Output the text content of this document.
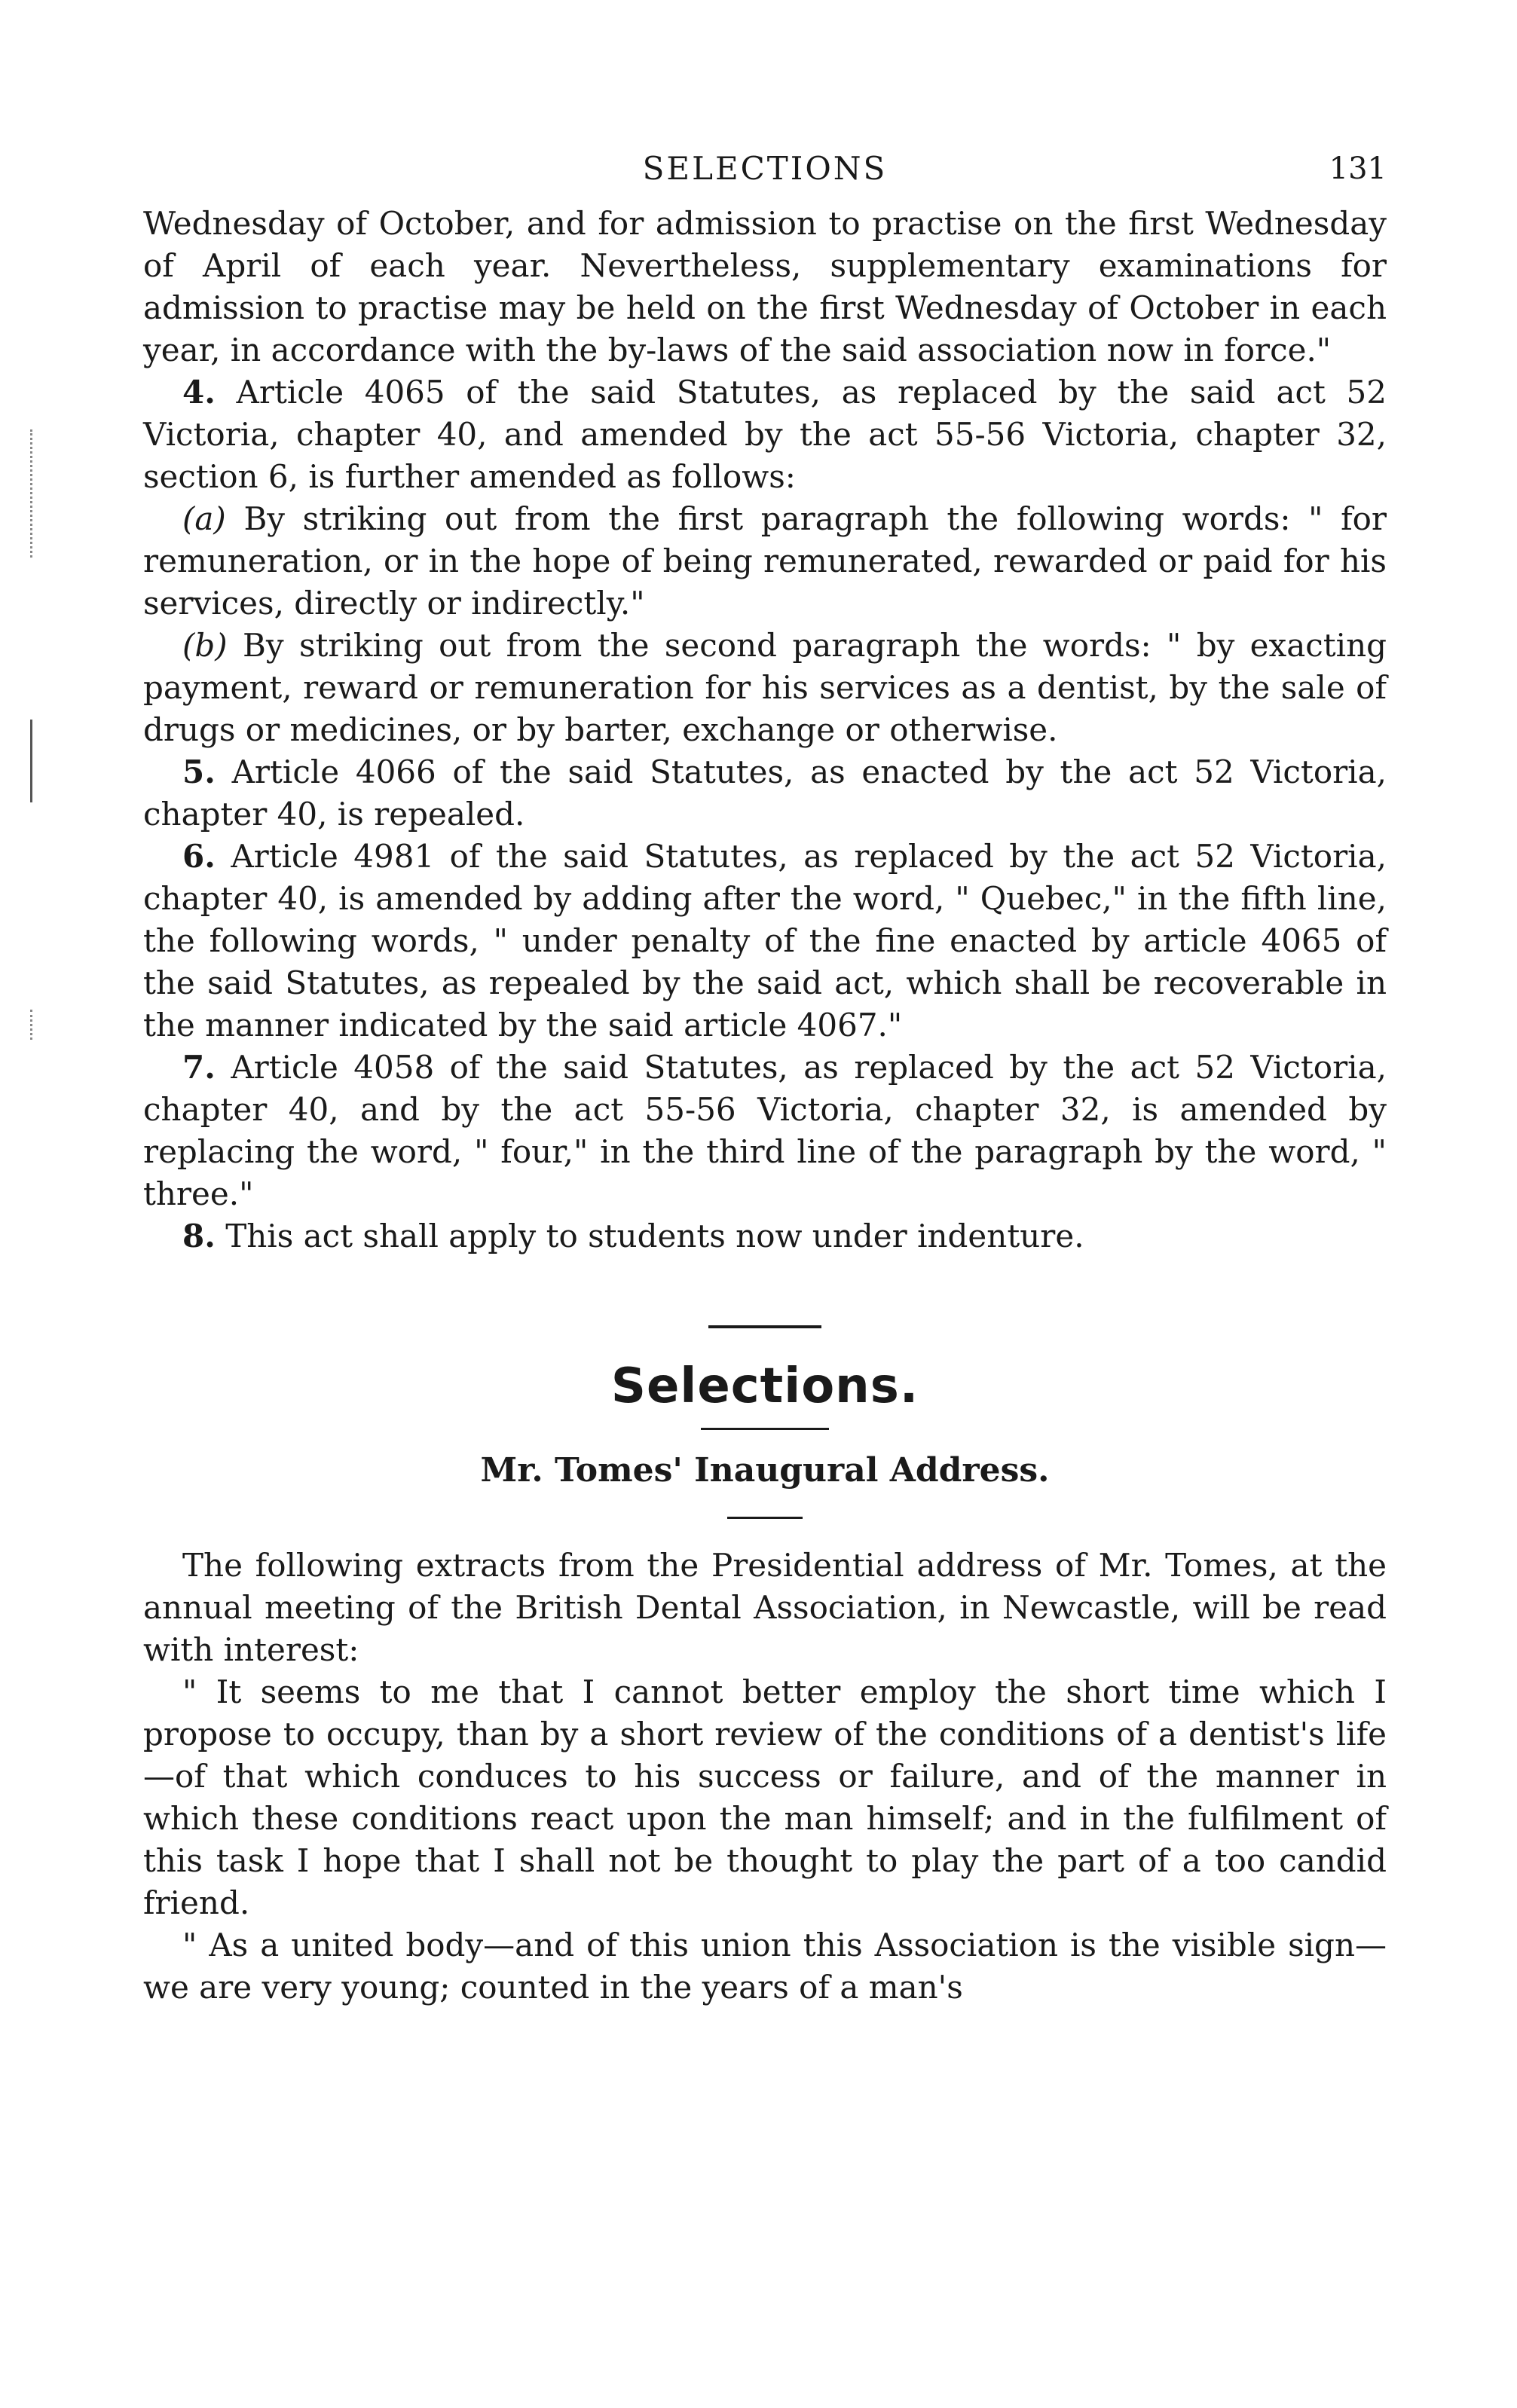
SELECTIONS	131

Wednesday of October, and for admission to practise on the first Wednesday of April of each year. Nevertheless, supplementary examinations for admission to practise may be held on the first Wednesday of October in each year, in accordance with the by-laws of the said association now in force."

4. Article 4065 of the said Statutes, as replaced by the said act 52 Victoria, chapter 40, and amended by the act 55-56 Victoria, chapter 32, section 6, is further amended as follows:

(a) By striking out from the first paragraph the following words: " for remuneration, or in the hope of being remunerated, rewarded or paid for his services, directly or indirectly."

(b) By striking out from the second paragraph the words: " by exacting payment, reward or remuneration for his services as a dentist, by the sale of drugs or medicines, or by barter, exchange or otherwise.

5. Article 4066 of the said Statutes, as enacted by the act 52 Victoria, chapter 40, is repealed.

6. Article 4981 of the said Statutes, as replaced by the act 52 Victoria, chapter 40, is amended by adding after the word, " Quebec," in the fifth line, the following words, " under penalty of the fine enacted by article 4065 of the said Statutes, as repealed by the said act, which shall be recoverable in the manner indicated by the said article 4067."

7. Article 4058 of the said Statutes, as replaced by the act 52 Victoria, chapter 40, and by the act 55-56 Victoria, chapter 32, is amended by replacing the word, " four," in the third line of the paragraph by the word, " three."

8. This act shall apply to students now under indenture.

Selections.
Mr. Tomes' Inaugural Address.

The following extracts from the Presidential address of Mr. Tomes, at the annual meeting of the British Dental Association, in Newcastle, will be read with interest:

" It seems to me that I cannot better employ the short time which I propose to occupy, than by a short review of the conditions of a dentist's life—of that which conduces to his success or failure, and of the manner in which these conditions react upon the man himself; and in the fulfilment of this task I hope that I shall not be thought to play the part of a too candid friend.

" As a united body—and of this union this Association is the visible sign—we are very young; counted in the years of a man's
